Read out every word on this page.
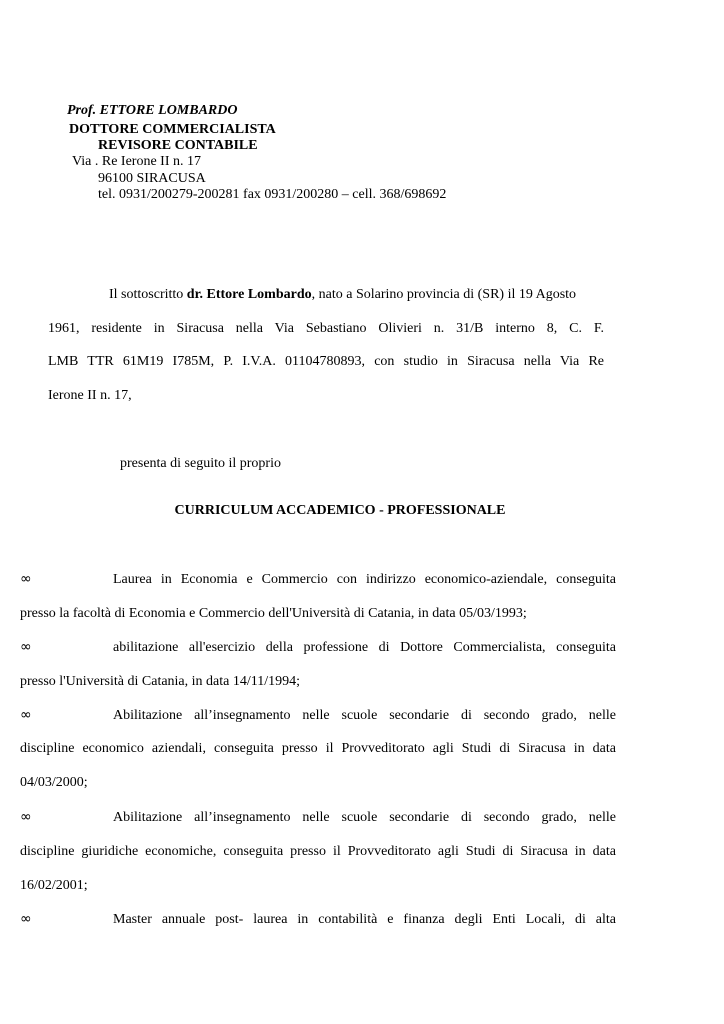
Prof. ETTORE LOMBARDO
DOTTORE COMMERCIALISTA
REVISORE CONTABILE
Via . Re Ierone II n. 17
96100 SIRACUSA
tel. 0931/200279-200281 fax 0931/200280 – cell. 368/698692
Il sottoscritto dr. Ettore Lombardo, nato a Solarino provincia di (SR) il 19 Agosto
1961, residente in Siracusa nella Via Sebastiano Olivieri n. 31/B interno 8, C. F.
LMB TTR 61M19 I785M, P. I.V.A. 01104780893, con studio in Siracusa nella Via Re
Ierone II n. 17,
presenta di seguito il proprio
CURRICULUM ACCADEMICO - PROFESSIONALE
∞	Laurea in Economia e Commercio con indirizzo economico-aziendale, conseguita
presso la facoltà di Economia e Commercio dell'Università di Catania, in data 05/03/1993;
∞	abilitazione all'esercizio della professione di Dottore Commercialista, conseguita
presso l'Università di Catania, in data 14/11/1994;
∞	Abilitazione all’insegnamento nelle scuole secondarie di secondo grado, nelle
discipline economico aziendali, conseguita presso il Provveditorato agli Studi di Siracusa in data
04/03/2000;
∞	Abilitazione all’insegnamento nelle scuole secondarie di secondo grado, nelle
discipline giuridiche economiche, conseguita presso il Provveditorato agli Studi di Siracusa in data
16/02/2001;
∞	Master annuale post- laurea in contabilità e finanza degli Enti Locali, di alta
